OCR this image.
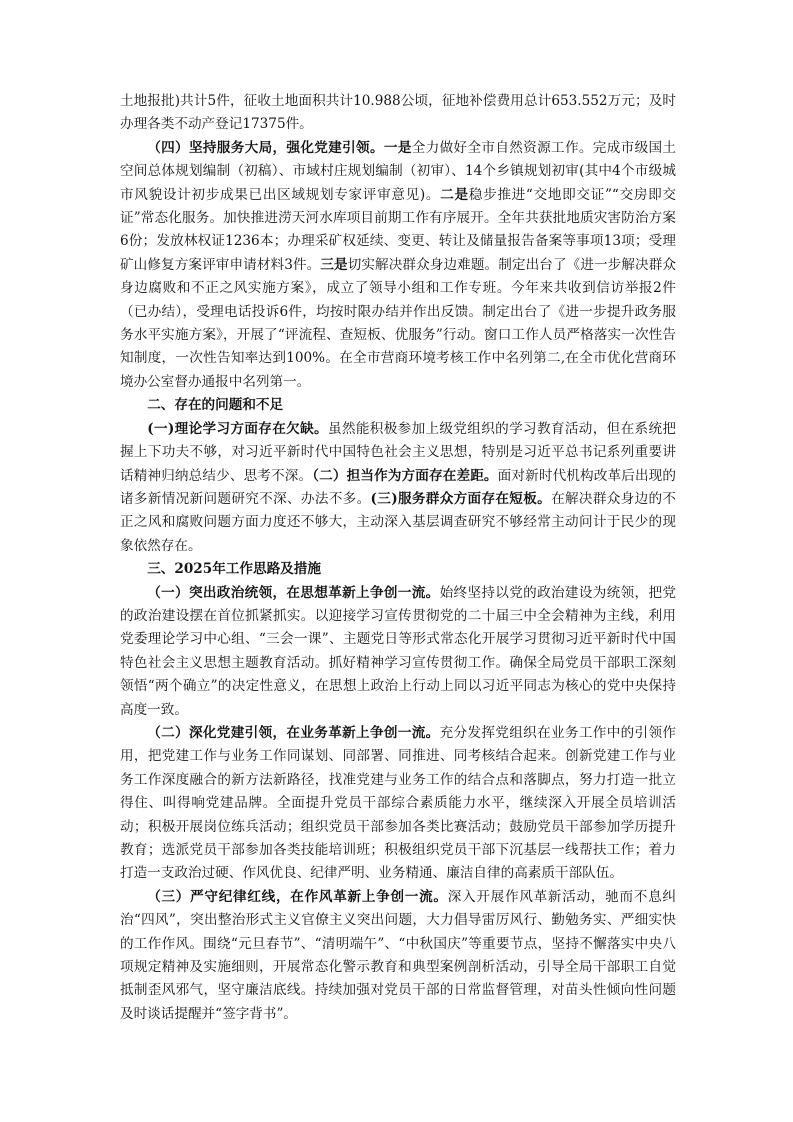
土地报批)共计5件，征收土地面积共计10.988公顷，征地补偿费用总计653.552万元；及时办理各类不动产登记17375件。

（四）坚持服务大局，强化党建引领。一是全力做好全市自然资源工作。完成市级国土空间总体规划编制（初稿）、市域村庄规划编制（初审）、14个乡镇规划初审(其中4个市级城市风貌设计初步成果已出区域规划专家评审意见)。二是稳步推进“交地即交证”“交房即交证”常态化服务。加快推进涝天河水库项目前期工作有序展开。全年共获批地质灾害防治方案6份；发放林权证1236本；办理采矿权延续、变更、转让及储量报告备案等事项13项；受理矿山修复方案评审申请材料3件。三是切实解决群众身边难题。制定出台了《进一步解决群众身边腐败和不正之风实施方案》，成立了领导小组和工作专班。今年来共收到信访举报2件（已办结），受理电话投诉6件，均按时限办结并作出反馈。制定出台了《进一步提升政务服务水平实施方案》，开展了“评流程、查短板、优服务”行动。窗口工作人员严格落实一次性告知制度，一次性告知率达到100%。在全市营商环境考核工作中名列第二,在全市优化营商环境办公室督办通报中名列第一。

二、存在的问题和不足

(一)理论学习方面存在欠缺。虽然能积极参加上级党组织的学习教育活动，但在系统把握上下功夫不够，对习近平新时代中国特色社会主义思想，特别是习近平总书记系列重要讲话精神归纳总结少、思考不深。（二）担当作为方面存在差距。面对新时代机构改革后出现的诸多新情况新问题研究不深、办法不多。(三)服务群众方面存在短板。在解决群众身边的不正之风和腐败问题方面力度还不够大，主动深入基层调查研究不够经常主动问计于民少的现象依然存在。

三、2025年工作思路及措施

（一）突出政治统领，在思想革新上争创一流。始终坚持以党的政治建设为统领，把党的政治建设摆在首位抓紧抓实。以迎接学习宣传贯彻党的二十届三中全会精神为主线，利用党委理论学习中心组、“三会一课”、主题党日等形式常态化开展学习贯彻习近平新时代中国特色社会主义思想主题教育活动。抓好精神学习宣传贯彻工作。确保全局党员干部职工深刻领悟“两个确立”的决定性意义，在思想上政治上行动上同以习近平同志为核心的党中央保持高度一致。

（二）深化党建引领，在业务革新上争创一流。充分发挥党组织在业务工作中的引领作用，把党建工作与业务工作同谋划、同部署、同推进、同考核结合起来。创新党建工作与业务工作深度融合的新方法新路径，找准党建与业务工作的结合点和落脚点，努力打造一批立得住、叫得响党建品牌。全面提升党员干部综合素质能力水平，继续深入开展全员培训活动；积极开展岗位练兵活动；组织党员干部参加各类比赛活动；鼓励党员干部参加学历提升教育；选派党员干部参加各类技能培训班；积极组织党员干部下沉基层一线帮扶工作；着力打造一支政治过硬、作风优良、纪律严明、业务精通、廉洁自律的高素质干部队伍。

（三）严守纪律红线，在作风革新上争创一流。深入开展作风革新活动，驰而不息纠治“四风”，突出整治形式主义官僚主义突出问题，大力倡导雷厉风行、勤勉务实、严细实快的工作作风。围绕“元旦春节”、“清明端午”、“中秋国庆”等重要节点，坚持不懈落实中央八项规定精神及实施细则，开展常态化警示教育和典型案例剖析活动，引导全局干部职工自觉抵制歪风邪气，坚守廉洁底线。持续加强对党员干部的日常监督管理，对苗头性倾向性问题及时谈话提醒并“签字背书”。
